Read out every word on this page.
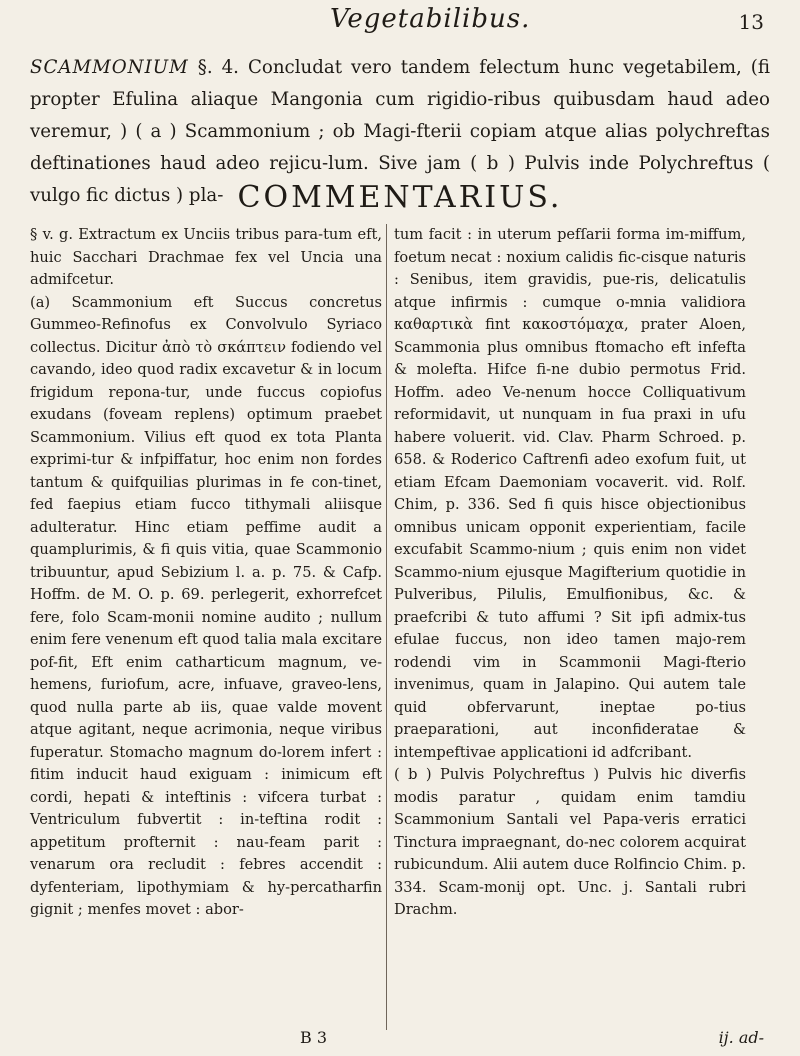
Vegetabilibus.	13

SCAMMONIUM §. 4. Concludat vero tandem felectum hunc vegetabilem, (fi propter Efulina aliaque Mangonia cum rigidio-ribus quibusdam haud adeo veremur, ) ( a ) Scammonium ; ob Magi-fterii copiam atque alias polychreftas deftinationes haud adeo rejicu-lum. Sive jam ( b ) Pulvis inde Polychreftus ( vulgo fic dictus ) pla- COMMENTARIUS.

§ v. g. Extractum ex Unciis tribus para-tum eft, huic Sacchari Drachmae fex vel Uncia una admifcetur.

(a) Scammonium eft Succus concretus Gummeo-Refinofus ex Convolvulo Syriaco collectus. Dicitur ἀπὸ τὸ σκάπτειν fodiendo vel cavando, ideo quod radix excavetur & in locum frigidum repona-tur, unde fuccus copiofus exudans (foveam replens) optimum praebet Scammonium. Vilius eft quod ex tota Planta exprimi-tur & infpiffatur, hoc enim non fordes tantum & quifquilias plurimas in fe con-tinet, fed faepius etiam fucco tithymali aliisque adulteratur. Hinc etiam peffime audit a quamplurimis, & fi quis vitia, quae Scammonio tribuuntur, apud Sebizium l. a. p. 75. & Cafp. Hoffm. de M. O. p. 69. perlegerit, exhorrefcet fere, folo Scam-monii nomine audito ; nullum enim fere venenum eft quod talia mala excitare pof-fit, Eft enim catharticum magnum, ve-hemens, furiofum, acre, infuave, graveo-lens, quod nulla parte ab iis, quae valde movent atque agitant, neque acrimonia, neque viribus fuperatur. Stomacho magnum do-lorem infert : fitim inducit haud exiguam : inimicum eft cordi, hepati & inteftinis : vifcera turbat : Ventriculum fubvertit : in-teftina rodit : appetitum profternit : nau-feam parit : venarum ora recludit : febres accendit : dyfenteriam, lipothymiam & hy-percatharfin gignit ; menfes movet : abor-

tum facit : in uterum pefſarii forma im-miffum, foetum necat : noxium calidis fic-cisque naturis : Senibus, item gravidis, pue-ris, delicatulis atque infirmis : cumque o-mnia validiora καθαρτικὰ fint κακοστόμαχα, prater Aloen, Scammonia plus omnibus ftomacho eft infefta & molefta. Hifce fi-ne dubio permotus Frid. Hoffm. adeo Ve-nenum hocce Colliquativum reformidavit, ut nunquam in fua praxi in ufu habere voluerit. vid. Clav. Pharm Schroed. p. 658. & Roderico Caftrenfi adeo exofum fuit, ut etiam Efcam Daemoniam vocaverit. vid. Rolf. Chim, p. 336. Sed fi quis hisce objectionibus omnibus unicam opponit experientiam, facile excufabit Scammo-nium ; quis enim non videt Scammo-nium ejusque Magifterium quotidie in Pulveribus, Pilulis, Emulfionibus, &c. & praefcribi & tuto affumi ? Sit ipfi admix-tus efulae fuccus, non ideo tamen majo-rem rodendi vim in Scammonii Magi-fterio invenimus, quam in Jalapino. Qui autem tale quid obfervarunt, ineptae po-tius praeparationi, aut inconfideratae & intempeftivae applicationi id adfcribant.

( b ) Pulvis Polychreftus ) Pulvis hic diverfis modis paratur , quidam enim tamdiu Scammonium Santali vel Papa-veris erratici Tinctura impraegnant, do-nec colorem acquirat rubicundum. Alii autem duce Rolfincio Chim. p. 334. Scam-monij opt. Unc. j. Santali rubri Drachm.

B 3	ij. ad-
